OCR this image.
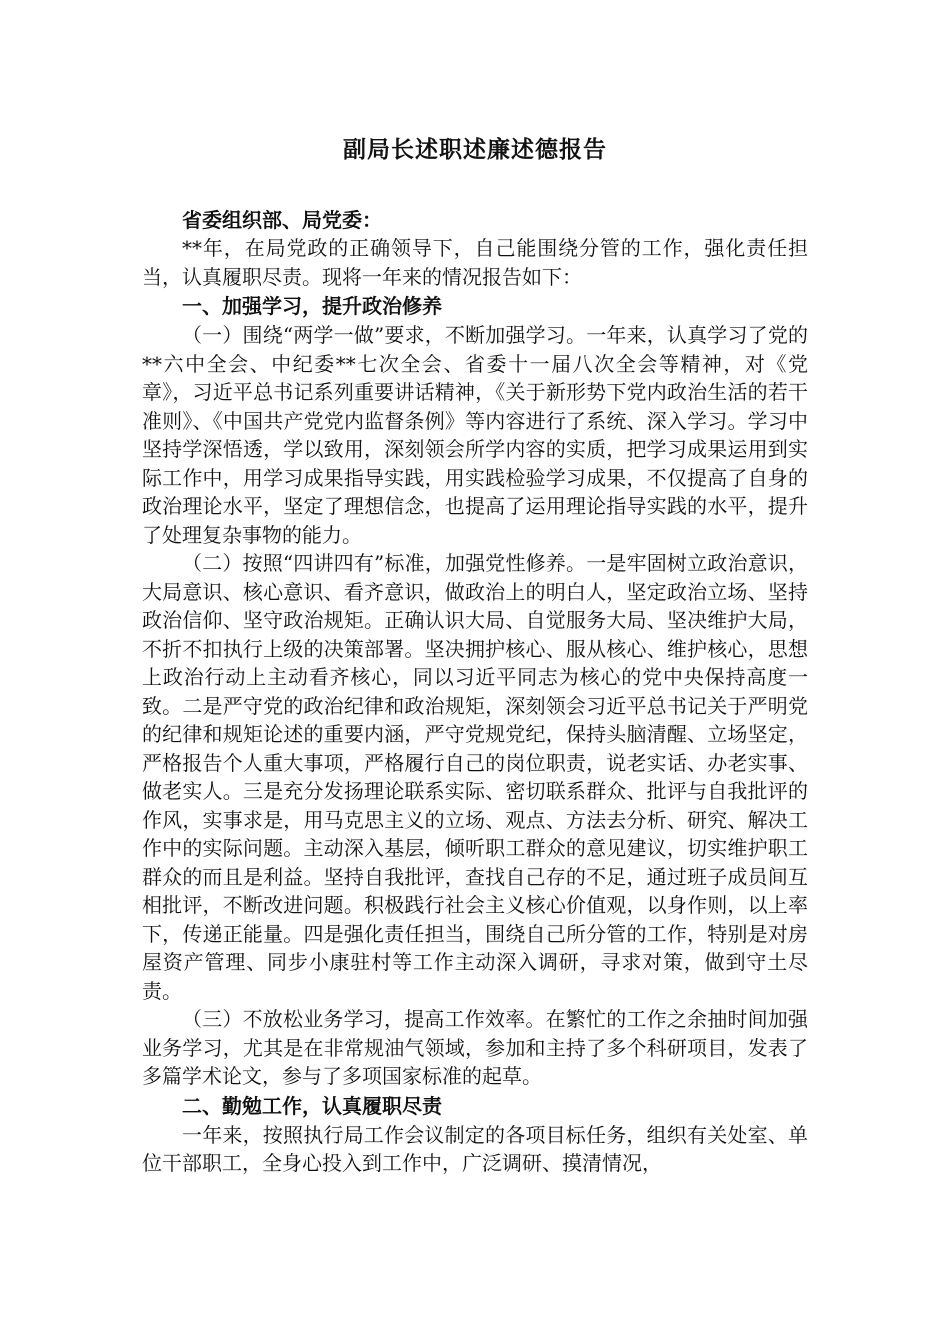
副局长述职述廉述德报告

省委组织部、局党委：

**年，在局党政的正确领导下，自己能围绕分管的工作，强化责任担当，认真履职尽责。现将一年来的情况报告如下：

一、加强学习，提升政治修养

（一）围绕“两学一做”要求，不断加强学习。一年来，认真学习了党的**六中全会、中纪委**七次全会、省委十一届八次全会等精神，对《党章》，习近平总书记系列重要讲话精神，《关于新形势下党内政治生活的若干准则》、《中国共产党党内监督条例》等内容进行了系统、深入学习。学习中坚持学深悟透，学以致用，深刻领会所学内容的实质，把学习成果运用到实际工作中，用学习成果指导实践，用实践检验学习成果，不仅提高了自身的政治理论水平，坚定了理想信念，也提高了运用理论指导实践的水平，提升了处理复杂事物的能力。

（二）按照“四讲四有”标准，加强党性修养。一是牢固树立政治意识，大局意识、核心意识、看齐意识，做政治上的明白人，坚定政治立场、坚持政治信仰、坚守政治规矩。正确认识大局、自觉服务大局、坚决维护大局，不折不扣执行上级的决策部署。坚决拥护核心、服从核心、维护核心，思想上政治行动上主动看齐核心，同以习近平同志为核心的党中央保持高度一致。二是严守党的政治纪律和政治规矩，深刻领会习近平总书记关于严明党的纪律和规矩论述的重要内涵，严守党规党纪，保持头脑清醒、立场坚定，严格报告个人重大事项，严格履行自己的岗位职责，说老实话、办老实事、做老实人。三是充分发扬理论联系实际、密切联系群众、批评与自我批评的作风，实事求是，用马克思主义的立场、观点、方法去分析、研究、解决工作中的实际问题。主动深入基层，倾听职工群众的意见建议，切实维护职工群众的而且是利益。坚持自我批评，查找自己存的不足，通过班子成员间互相批评，不断改进问题。积极践行社会主义核心价值观，以身作则，以上率下，传递正能量。四是强化责任担当，围绕自己所分管的工作，特别是对房屋资产管理、同步小康驻村等工作主动深入调研，寻求对策，做到守土尽责。

（三）不放松业务学习，提高工作效率。在繁忙的工作之余抽时间加强业务学习，尤其是在非常规油气领域，参加和主持了多个科研项目，发表了多篇学术论文，参与了多项国家标准的起草。

二、勤勉工作，认真履职尽责

一年来，按照执行局工作会议制定的各项目标任务，组织有关处室、单位干部职工，全身心投入到工作中，广泛调研、摸清情况，
